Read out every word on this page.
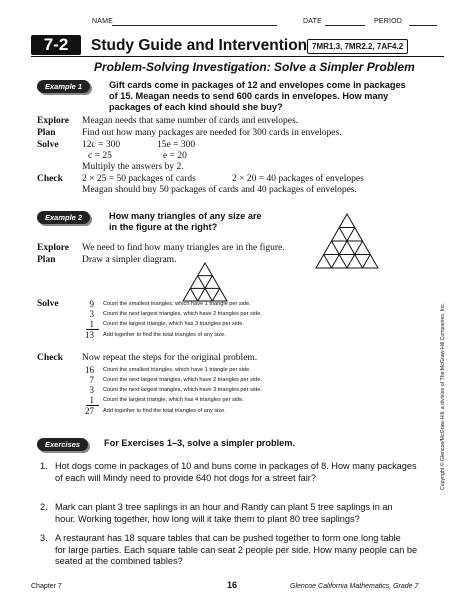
NAME	DATE	PERIOD
7-2	Study Guide and Intervention 7MR1.3, 7MR2.2, 7AF4.2
Problem-Solving Investigation: Solve a Simpler Problem
Example 1	Gift cards come in packages of 12 and envelopes come in packages
of 15. Meagan needs to send 600 cards in envelopes. How many
packages of each kind should she buy?
Explore Meagan needs that same number of cards and envelopes.
Plan	Find out how many packages are needed for 300 cards in envelopes.
Solve 12c = 300	15e = 300
c = 25	e = 20
Multiply the answers by 2.
Check 2 × 25 = 50 packages of cards	2 × 20 = 40 packages of envelopes
Meagan should buy 50 packages of cards and 40 packages of envelopes.
Example 2	How many triangles of any size are
in the figure at the right?
Explore We need to find how many triangles are in the figure.
Plan	Draw a simpler diagram.
Solve	9 Count the smallest triangles, which have 1 triangle per side.
3 Count the next largest triangles, which have 2 triangles per side.
1 Count the largest triangle, which has 3 triangles per side.
13 Add together to find the total triangles of any size.
Check Now repeat the steps for the original problem.
16 Count the smallest triangles, which have 1 triangle per side.
7 Count the next largest triangles, which have 2 triangles per side.
3 Count the next largest triangles, which have 3 triangles per side.
1 Count the largest triangle, which has 4 triangles per side.
27 Add together to find the total triangles of any size.
Exercises	For Exercises 1–3, solve a simpler problem.
1. Hot dogs come in packages of 10 and buns come in packages of 8. How many packages
of each will Mindy need to provide 640 hot dogs for a street fair?
2. Mark can plant 3 tree saplings in an hour and Randy can plant 5 tree saplings in an
hour. Working together, how long will it take them to plant 80 tree saplings?
3. A restaurant has 18 square tables that can be pushed together to form one long table
for large parties. Each square table can seat 2 people per side. How many people can be
seated at the combined tables?
Copyright © Glencoe/McGraw-Hill, a division of The McGraw-Hill Companies, Inc.
Chapter 7	16	Glencoe California Mathematics, Grade 7
